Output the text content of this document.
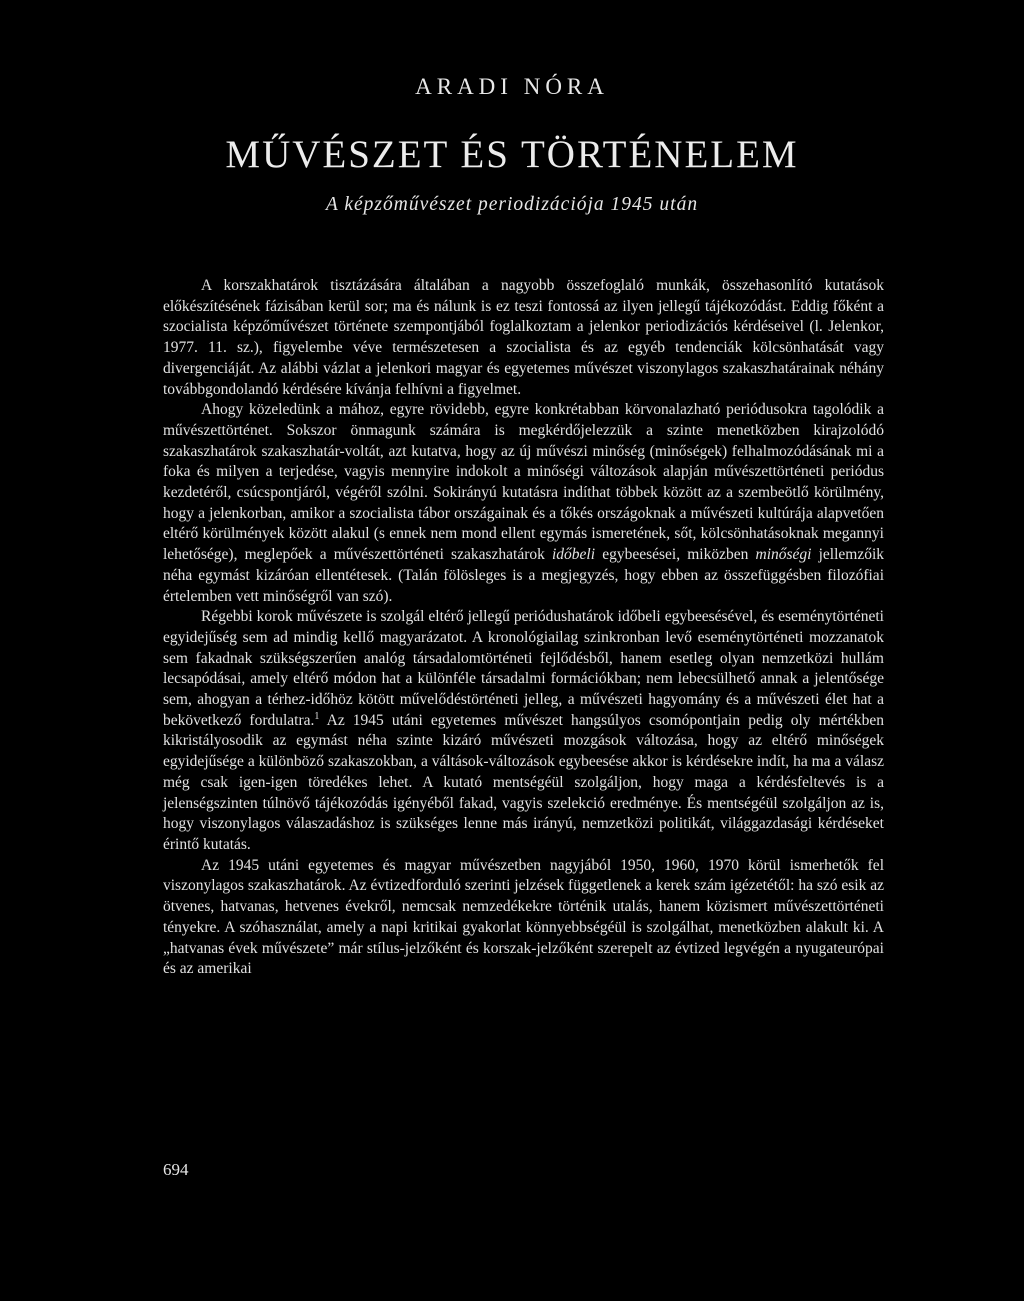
ARADI NÓRA
MŰVÉSZET ÉS TÖRTÉNELEM
A képzőművészet periodizációja 1945 után

A korszakhatárok tisztázására általában a nagyobb összefoglaló munkák, összehasonlító kutatások előkészítésének fázisában kerül sor; ma és nálunk is ez teszi fontossá az ilyen jellegű tájékozódást. Eddig főként a szocialista képzőművészet története szempontjából foglalkoztam a jelenkor periodizációs kérdéseivel (l. Jelenkor, 1977. 11. sz.), figyelembe véve természetesen a szocialista és az egyéb tendenciák kölcsönhatását vagy divergenciáját. Az alábbi vázlat a jelenkori magyar és egyetemes művészet viszonylagos szakaszhatárainak néhány továbbgondolandó kérdésére kívánja felhívni a figyelmet.

Ahogy közeledünk a mához, egyre rövidebb, egyre konkrétabban körvonalazható periódusokra tagolódik a művészettörténet. Sokszor önmagunk számára is megkérdőjelezzük a szinte menetközben kirajzolódó szakaszhatárok szakaszhatár-voltát, azt kutatva, hogy az új művészi minőség (minőségek) felhalmozódásának mi a foka és milyen a terjedése, vagyis mennyire indokolt a minőségi változások alapján művészettörténeti periódus kezdetéről, csúcspontjáról, végéről szólni. Sokirányú kutatásra indíthat többek között az a szembeötlő körülmény, hogy a jelenkorban, amikor a szocialista tábor országainak és a tőkés országoknak a művészeti kultúrája alapvetően eltérő körülmények között alakul (s ennek nem mond ellent egymás ismeretének, sőt, kölcsönhatásoknak megannyi lehetősége), meglepőek a művészettörténeti szakaszhatárok időbeli egybeesései, miközben minőségi jellemzőik néha egymást kizáróan ellentétesek. (Talán fölösleges is a megjegyzés, hogy ebben az összefüggésben filozófiai értelemben vett minőségről van szó).

Régebbi korok művészete is szolgál eltérő jellegű periódushatárok időbeli egybeesésével, és eseménytörténeti egyidejűség sem ad mindig kellő magyarázatot. A kronológiailag szinkronban levő eseménytörténeti mozzanatok sem fakadnak szükségszerűen analóg társadalomtörténeti fejlődésből, hanem esetleg olyan nemzetközi hullám lecsapódásai, amely eltérő módon hat a különféle társadalmi formációkban; nem lebecsülhető annak a jelentősége sem, ahogyan a térhez-időhöz kötött művelődéstörténeti jelleg, a művészeti hagyomány és a művészeti élet hat a bekövetkező fordulatra.$^1$ Az 1945 utáni egyetemes művészet hangsúlyos csomópontjain pedig oly mértékben kikristályosodik az egymást néha szinte kizáró művészeti mozgások változása, hogy az eltérő minőségek egyidejűsége a különböző szakaszokban, a váltások-változások egybeesése akkor is kérdésekre indít, ha ma a válasz még csak igen-igen töredékes lehet. A kutató mentségéül szolgáljon, hogy maga a kérdésfeltevés is a jelenségszinten túlnövő tájékozódás igényéből fakad, vagyis szelekció eredménye. És mentségéül szolgáljon az is, hogy viszonylagos válaszadáshoz is szükséges lenne más irányú, nemzetközi politikát, világgazdasági kérdéseket érintő kutatás.

Az 1945 utáni egyetemes és magyar művészetben nagyjából 1950, 1960, 1970 körül ismerhetők fel viszonylagos szakaszhatárok. Az évtizedforduló szerinti jelzések függetlenek a kerek szám igézetétől: ha szó esik az ötvenes, hatvanas, hetvenes évekről, nemcsak nemzedékekre történik utalás, hanem közismert művészettörténeti tényekre. A szóhasználat, amely a napi kritikai gyakorlat könnyebbségéül is szolgálhat, menetközben alakult ki. A „hatvanas évek művészete” már stílus-jelzőként és korszak-jelzőként szerepelt az évtized legvégén a nyugateurópai és az amerikai

694
